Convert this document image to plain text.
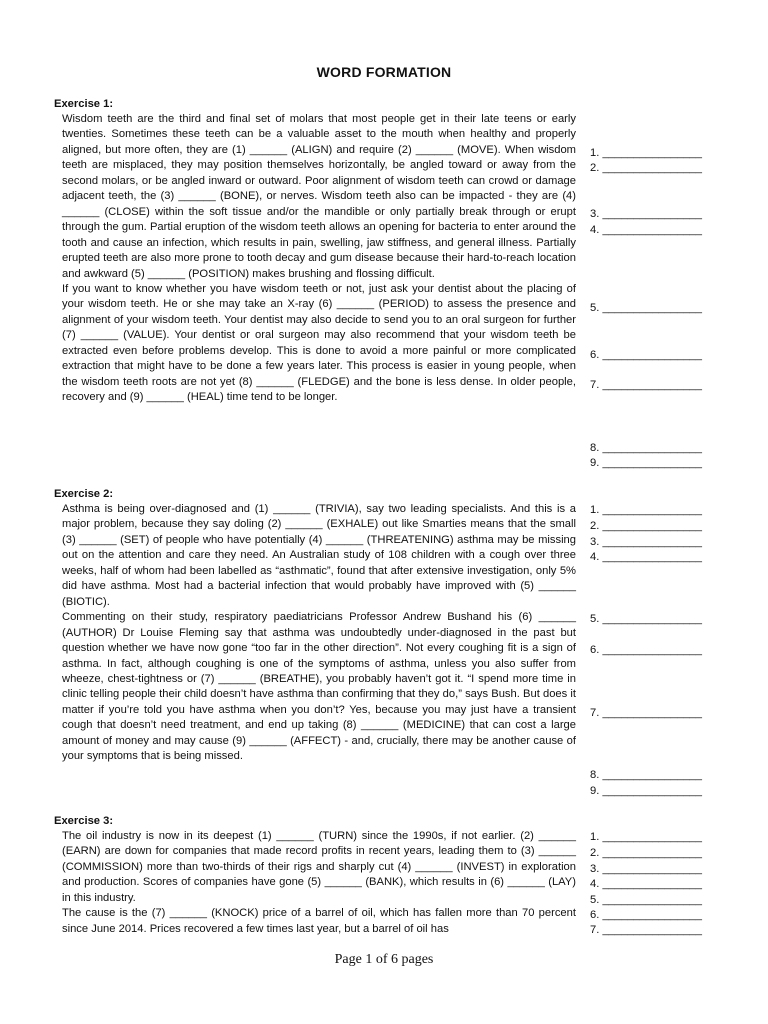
WORD FORMATION
Exercise 1:

Wisdom teeth are the third and final set of molars that most people get in their late teens or early twenties. Sometimes these teeth can be a valuable asset to the mouth when healthy and properly aligned, but more often, they are (1) ______ (ALIGN) and require (2) ______ (MOVE). When wisdom teeth are misplaced, they may position themselves horizontally, be angled toward or away from the second molars, or be angled inward or outward. Poor alignment of wisdom teeth can crowd or damage adjacent teeth, the (3) ______ (BONE), or nerves. Wisdom teeth also can be impacted - they are (4) ______ (CLOSE) within the soft tissue and/or the mandible or only partially break through or erupt through the gum. Partial eruption of the wisdom teeth allows an opening for bacteria to enter around the tooth and cause an infection, which results in pain, swelling, jaw stiffness, and general illness. Partially erupted teeth are also more prone to tooth decay and gum disease because their hard-to-reach location and awkward (5) ______ (POSITION) makes brushing and flossing difficult.

If you want to know whether you have wisdom teeth or not, just ask your dentist about the placing of your wisdom teeth. He or she may take an X-ray (6) ______ (PERIOD) to assess the presence and alignment of your wisdom teeth. Your dentist may also decide to send you to an oral surgeon for further (7) ______ (VALUE). Your dentist or oral surgeon may also recommend that your wisdom teeth be extracted even before problems develop. This is done to avoid a more painful or more complicated extraction that might have to be done a few years later. This process is easier in young people, when the wisdom teeth roots are not yet (8) ______ (FLEDGE) and the bone is less dense. In older people, recovery and (9) ______ (HEAL) time tend to be longer.

1. ________________
2. ________________
3. ________________
4. ________________
5. ________________
6. ________________
7. ________________
8. ________________
9. ________________
Exercise 2:

Asthma is being over-diagnosed and (1) ______ (TRIVIA), say two leading specialists. And this is a major problem, because they say doling (2) ______ (EXHALE) out like Smarties means that the small (3) ______ (SET) of people who have potentially (4) ______ (THREATENING) asthma may be missing out on the attention and care they need. An Australian study of 108 children with a cough over three weeks, half of whom had been labelled as “asthmatic”, found that after extensive investigation, only 5% did have asthma. Most had a bacterial infection that would probably have improved with (5) ______ (BIOTIC).

Commenting on their study, respiratory paediatricians Professor Andrew Bushand his (6) ______ (AUTHOR) Dr Louise Fleming say that asthma was undoubtedly under-diagnosed in the past but question whether we have now gone “too far in the other direction”. Not every coughing fit is a sign of asthma. In fact, although coughing is one of the symptoms of asthma, unless you also suffer from wheeze, chest-tightness or (7) ______ (BREATHE), you probably haven’t got it. “I spend more time in clinic telling people their child doesn’t have asthma than confirming that they do,” says Bush. But does it matter if you’re told you have asthma when you don’t? Yes, because you may just have a transient cough that doesn’t need treatment, and end up taking (8) ______ (MEDICINE) that can cost a large amount of money and may cause (9) ______ (AFFECT) - and, crucially, there may be another cause of your symptoms that is being missed.

1. ________________
2. ________________
3. ________________
4. ________________
5. ________________
6. ________________
7. ________________
8. ________________
9. ________________
Exercise 3:

The oil industry is now in its deepest (1) ______ (TURN) since the 1990s, if not earlier. (2) ______ (EARN) are down for companies that made record profits in recent years, leading them to (3) ______ (COMMISSION) more than two-thirds of their rigs and sharply cut (4) ______ (INVEST) in exploration and production. Scores of companies have gone (5) ______ (BANK), which results in (6) ______ (LAY) in this industry.

The cause is the (7) ______ (KNOCK) price of a barrel of oil, which has fallen more than 70 percent since June 2014. Prices recovered a few times last year, but a barrel of oil has

1. ________________
2. ________________
3. ________________
4. ________________
5. ________________
6. ________________
7. ________________
Page 1 of 6 pages
